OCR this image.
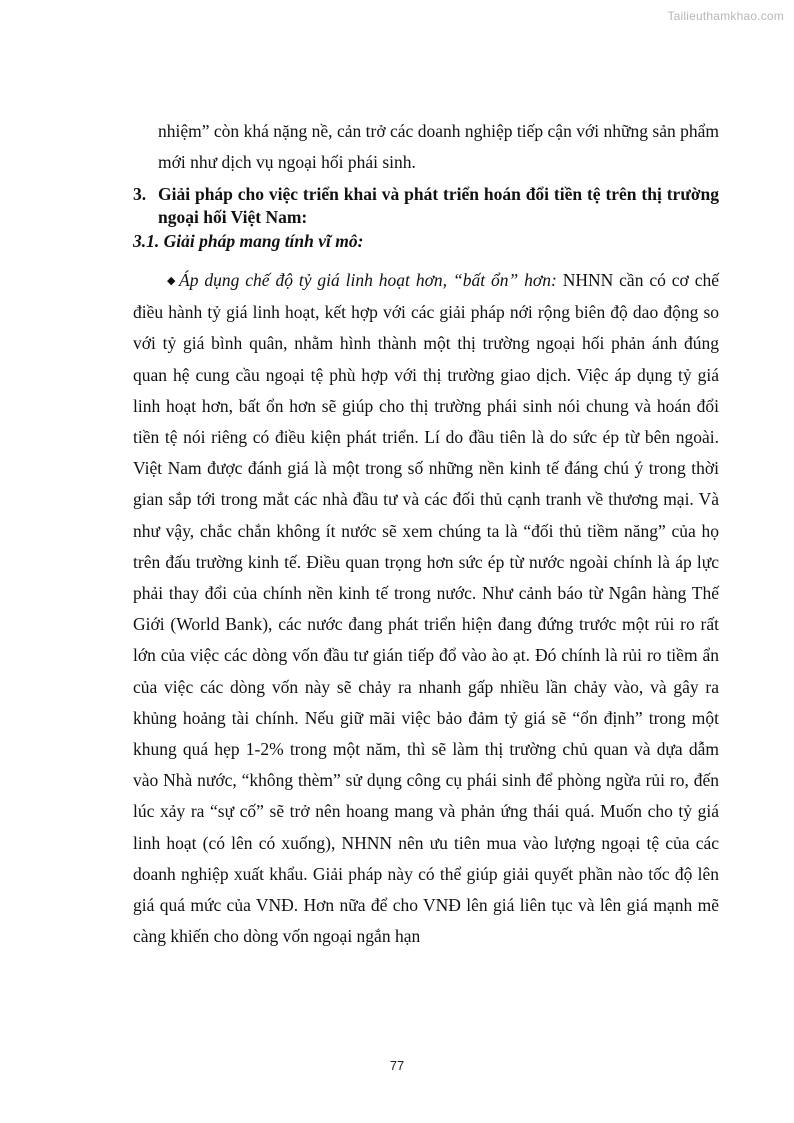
Tailieuthamkhao.com

nhiệm” còn khá nặng nề, cản trở các doanh nghiệp tiếp cận với những sản phẩm mới như dịch vụ ngoại hối phái sinh.

3. Giải pháp cho việc triển khai và phát triển hoán đổi tiền tệ trên thị trường ngoại hối Việt Nam:

3.1. Giải pháp mang tính vĩ mô:

◆ Áp dụng chế độ tỷ giá linh hoạt hơn, “bất ổn” hơn: NHNN cần có cơ chế điều hành tỷ giá linh hoạt, kết hợp với các giải pháp nới rộng biên độ dao động so với tỷ giá bình quân, nhằm hình thành một thị trường ngoại hối phản ánh đúng quan hệ cung cầu ngoại tệ phù hợp với thị trường giao dịch. Việc áp dụng tỷ giá linh hoạt hơn, bất ổn hơn sẽ giúp cho thị trường phái sinh nói chung và hoán đổi tiền tệ nói riêng có điều kiện phát triển. Lí do đầu tiên là do sức ép từ bên ngoài. Việt Nam được đánh giá là một trong số những nền kinh tế đáng chú ý trong thời gian sắp tới trong mắt các nhà đầu tư và các đối thủ cạnh tranh về thương mại. Và như vậy, chắc chắn không ít nước sẽ xem chúng ta là “đối thủ tiềm năng” của họ trên đấu trường kinh tế. Điều quan trọng hơn sức ép từ nước ngoài chính là áp lực phải thay đổi của chính nền kinh tế trong nước. Như cảnh báo từ Ngân hàng Thế Giới (World Bank), các nước đang phát triển hiện đang đứng trước một rủi ro rất lớn của việc các dòng vốn đầu tư gián tiếp đổ vào ào ạt. Đó chính là rủi ro tiềm ẩn của việc các dòng vốn này sẽ chảy ra nhanh gấp nhiều lần chảy vào, và gây ra khủng hoảng tài chính. Nếu giữ mãi việc bảo đảm tỷ giá sẽ “ổn định” trong một khung quá hẹp 1-2% trong một năm, thì sẽ làm thị trường chủ quan và dựa dẫm vào Nhà nước, “không thèm” sử dụng công cụ phái sinh để phòng ngừa rủi ro, đến lúc xảy ra “sự cố” sẽ trở nên hoang mang và phản ứng thái quá. Muốn cho tỷ giá linh hoạt (có lên có xuống), NHNN nên ưu tiên mua vào lượng ngoại tệ của các doanh nghiệp xuất khẩu. Giải pháp này có thể giúp giải quyết phần nào tốc độ lên giá quá mức của VNĐ. Hơn nữa để cho VNĐ lên giá liên tục và lên giá mạnh mẽ càng khiến cho dòng vốn ngoại ngắn hạn

77
